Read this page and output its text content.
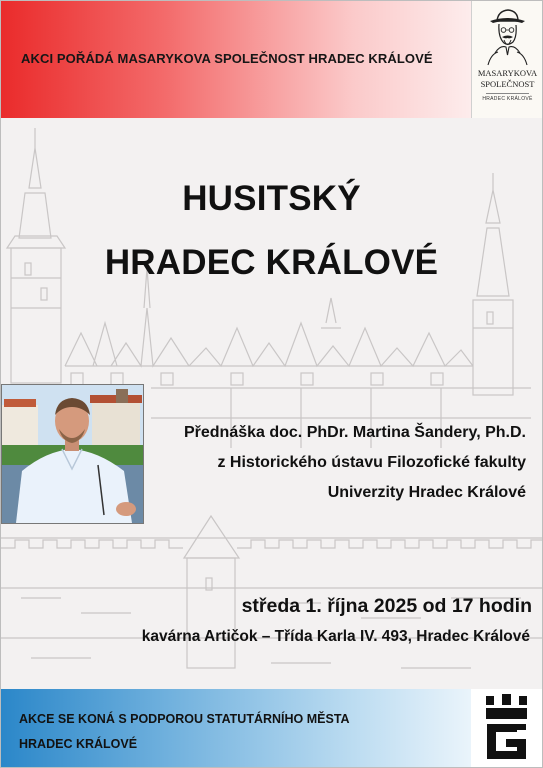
AKCI POŘÁDÁ MASARYKOVA SPOLEČNOST HRADEC KRÁLOVÉ
MASARYKOVA
SPOLEČNOST
HRADEC KRÁLOVÉ
HUSITSKÝ
HRADEC KRÁLOVÉ
Přednáška doc. PhDr. Martina Šandery, Ph.D.
z Historického ústavu Filozofické fakulty
Univerzity Hradec Králové
středa 1. října 2025 od 17 hodin
kavárna Artičok – Třída Karla IV. 493, Hradec Králové
AKCE SE KONÁ S PODPOROU STATUTÁRNÍHO MĚSTA
HRADEC KRÁLOVÉ
